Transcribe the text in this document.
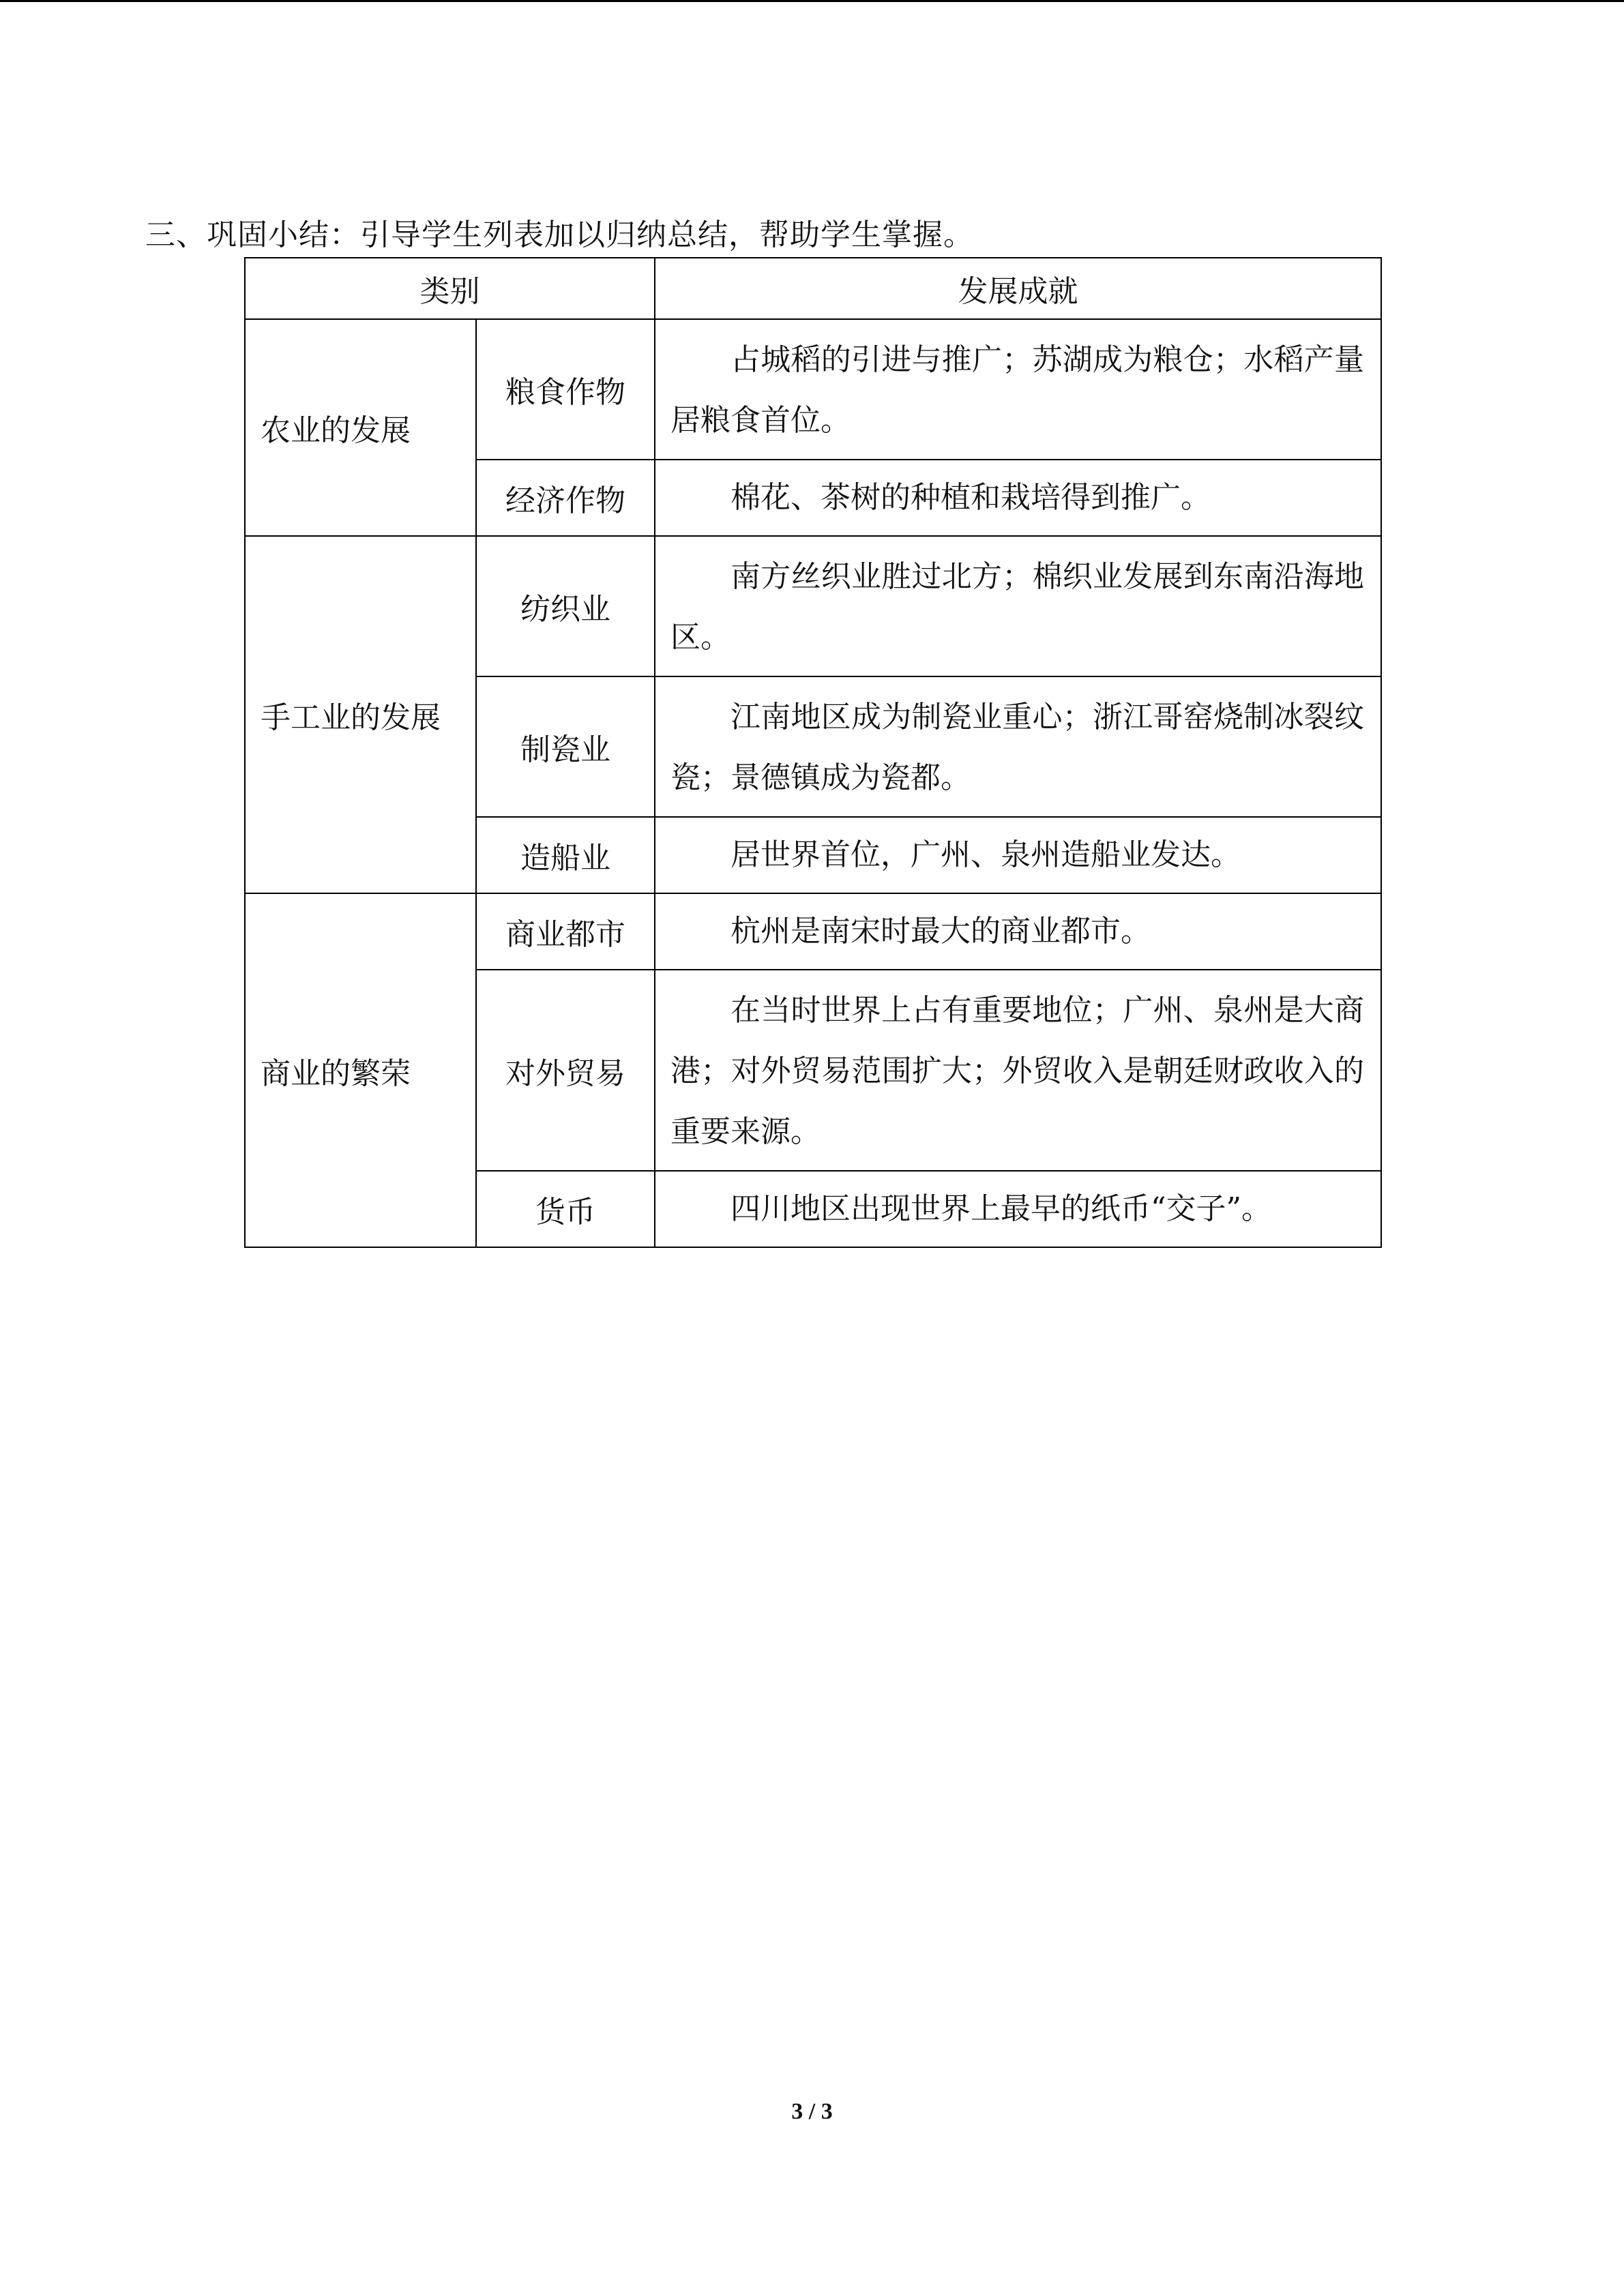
三、巩固小结：引导学生列表加以归纳总结，帮助学生掌握。
类别		发展成就
农业的发展	粮食作物	占城稻的引进与推广；苏湖成为粮仓；水稻产量居粮食首位。
	经济作物	棉花、茶树的种植和栽培得到推广。
手工业的发展	纺织业	南方丝织业胜过北方；棉织业发展到东南沿海地区。
	制瓷业	江南地区成为制瓷业重心；浙江哥窑烧制冰裂纹瓷；景德镇成为瓷都。
	造船业	居世界首位，广州、泉州造船业发达。
商业的繁荣	商业都市	杭州是南宋时最大的商业都市。
	对外贸易	在当时世界上占有重要地位；广州、泉州是大商港；对外贸易范围扩大；外贸收入是朝廷财政收入的重要来源。
	货币	四川地区出现世界上最早的纸币“交子”。
3 / 3
